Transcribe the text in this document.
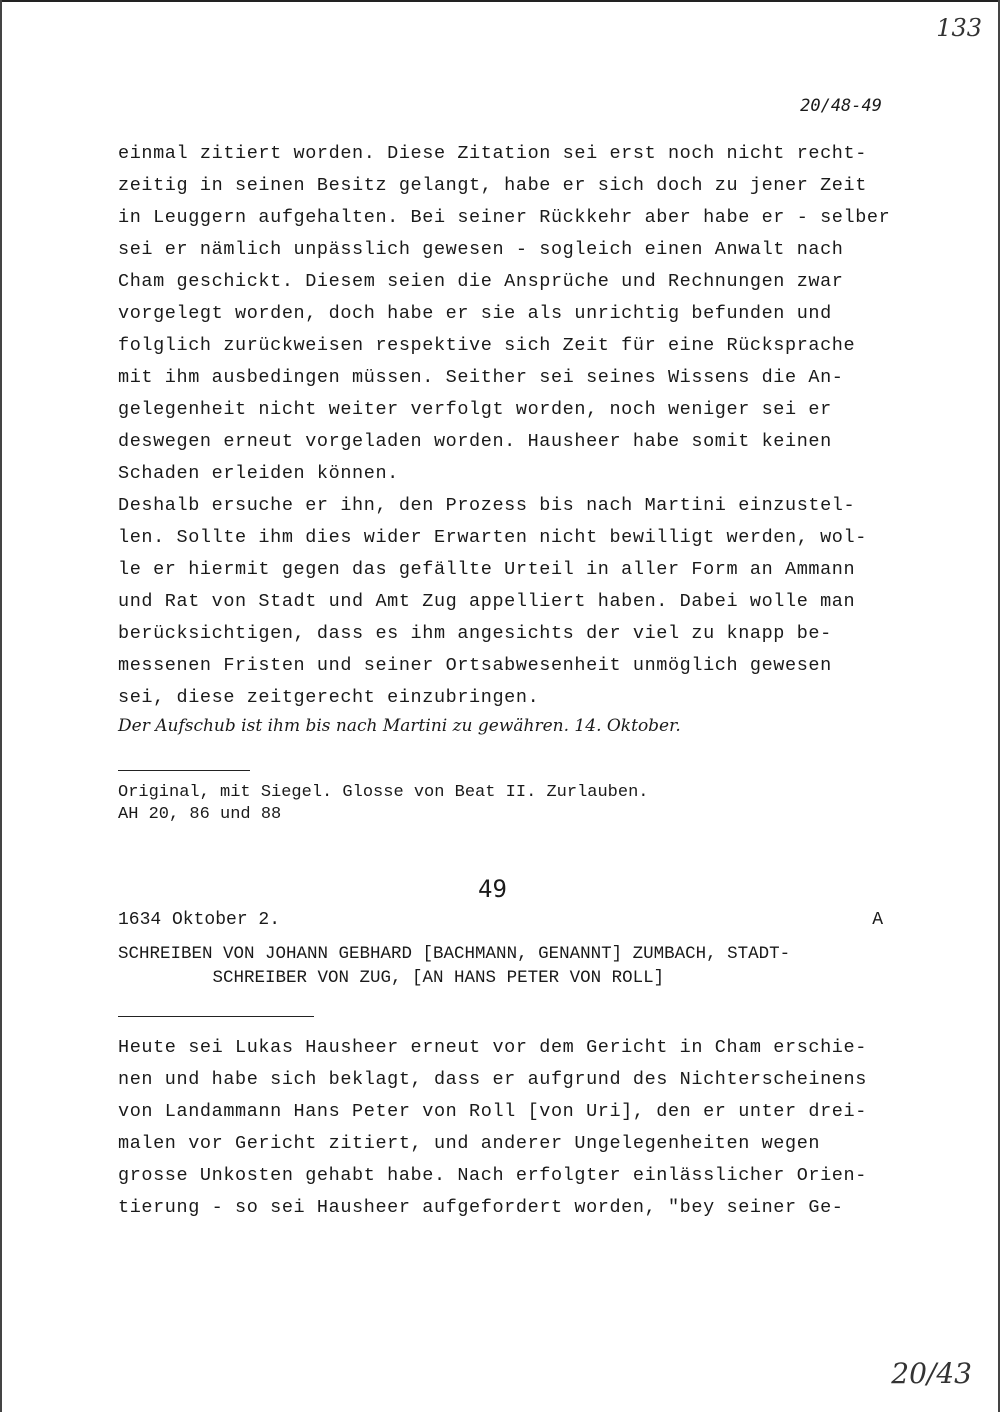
133
20/48-49
einmal zitiert worden. Diese Zitation sei erst noch nicht recht-
zeitig in seinen Besitz gelangt, habe er sich doch zu jener Zeit
in Leuggern aufgehalten. Bei seiner Rückkehr aber habe er - selber
sei er nämlich unpässlich gewesen - sogleich einen Anwalt nach
Cham geschickt. Diesem seien die Ansprüche und Rechnungen zwar
vorgelegt worden, doch habe er sie als unrichtig befunden und
folglich zurückweisen respektive sich Zeit für eine Rücksprache
mit ihm ausbedingen müssen. Seither sei seines Wissens die An-
gelegenheit nicht weiter verfolgt worden, noch weniger sei er
deswegen erneut vorgeladen worden. Hausheer habe somit keinen
Schaden erleiden können.
Deshalb ersuche er ihn, den Prozess bis nach Martini einzustel-
len. Sollte ihm dies wider Erwarten nicht bewilligt werden, wol-
le er hiermit gegen das gefällte Urteil in aller Form an Ammann
und Rat von Stadt und Amt Zug appelliert haben. Dabei wolle man
berücksichtigen, dass es ihm angesichts der viel zu knapp be-
messenen Fristen und seiner Ortsabwesenheit unmöglich gewesen
sei, diese zeitgerecht einzubringen.
Der Aufschub ist ihm bis nach Martini zu gewähren. 14. Oktober.
Original, mit Siegel. Glosse von Beat II. Zurlauben.
AH 20, 86 und 88
49
1634 Oktober 2.	A
SCHREIBEN VON JOHANN GEBHARD [BACHMANN, GENANNT] ZUMBACH, STADT-
SCHREIBER VON ZUG, [AN HANS PETER VON ROLL]
Heute sei Lukas Hausheer erneut vor dem Gericht in Cham erschie-
nen und habe sich beklagt, dass er aufgrund des Nichterscheinens
von Landammann Hans Peter von Roll [von Uri], den er unter drei-
malen vor Gericht zitiert, und anderer Ungelegenheiten wegen
grosse Unkosten gehabt habe. Nach erfolgter einlässlicher Orien-
tierung - so sei Hausheer aufgefordert worden, "bey seiner Ge-
20/43
